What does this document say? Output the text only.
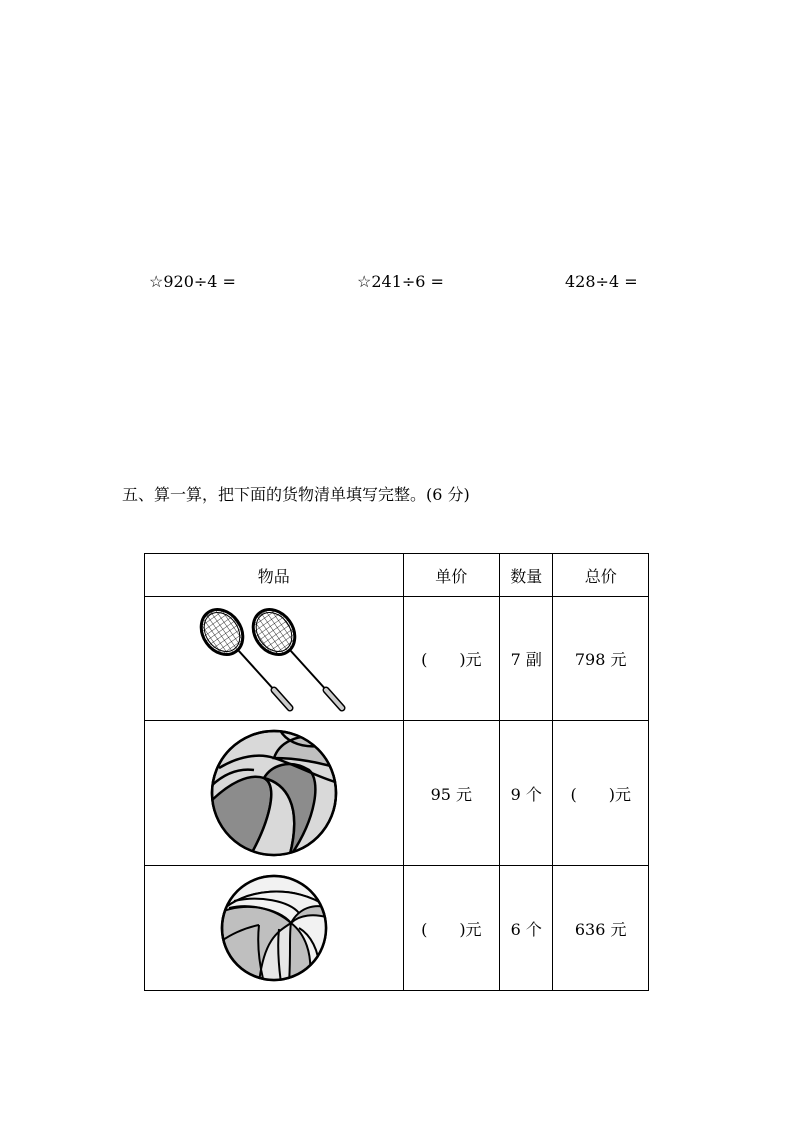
☆920÷4 =	☆241÷6 =	428÷4 =
五、算一算，把下面的货物清单填写完整。(6 分)
物品	单价	数量	总价

	( )元	7 副	798 元

	95 元	9 个	( )元

	( )元	6 个	636 元
